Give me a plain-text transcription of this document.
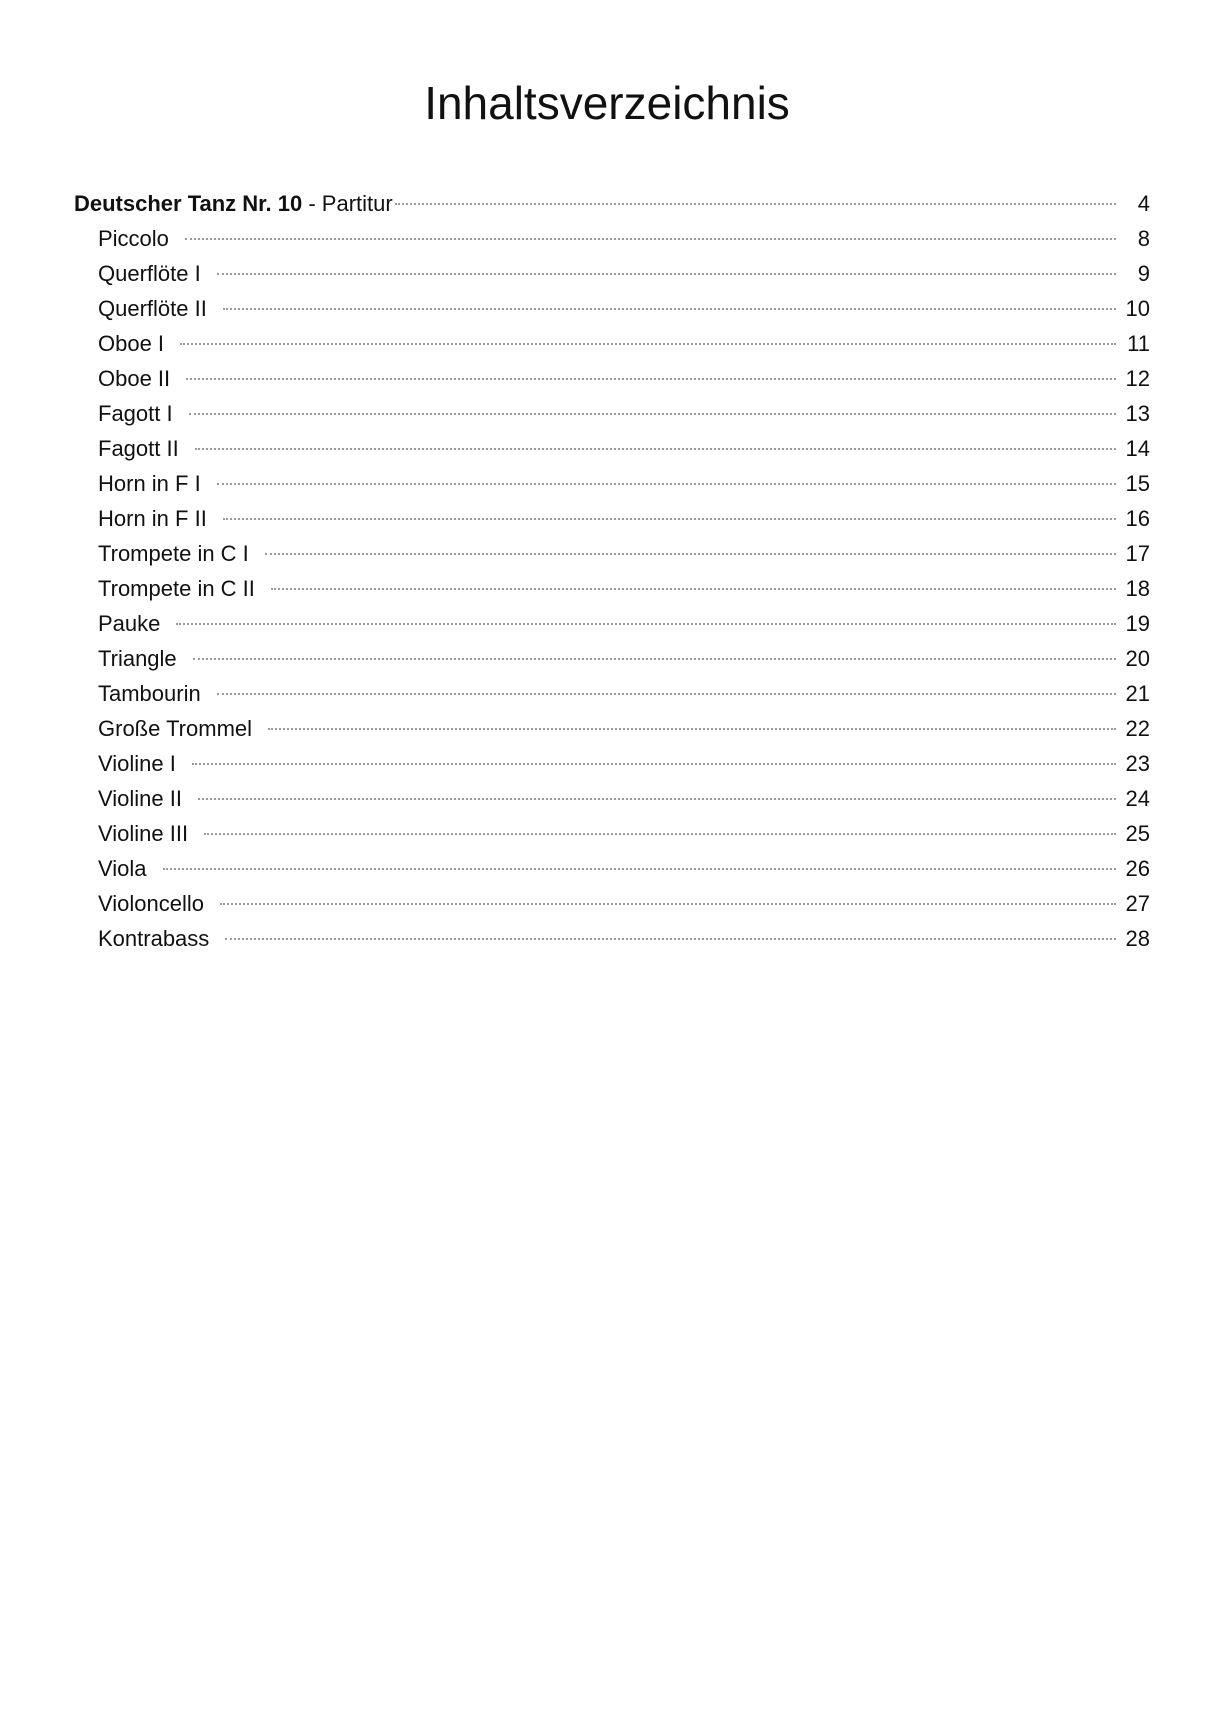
Inhaltsverzeichnis
Deutscher Tanz Nr. 10 - Partitur	4
Piccolo	8
Querflöte I	9
Querflöte II	10
Oboe I	11
Oboe II	12
Fagott I	13
Fagott II	14
Horn in F I	15
Horn in F II	16
Trompete in C I	17
Trompete in C II	18
Pauke	19
Triangle	20
Tambourin	21
Große Trommel	22
Violine I	23
Violine II	24
Violine III	25
Viola	26
Violoncello	27
Kontrabass	28
